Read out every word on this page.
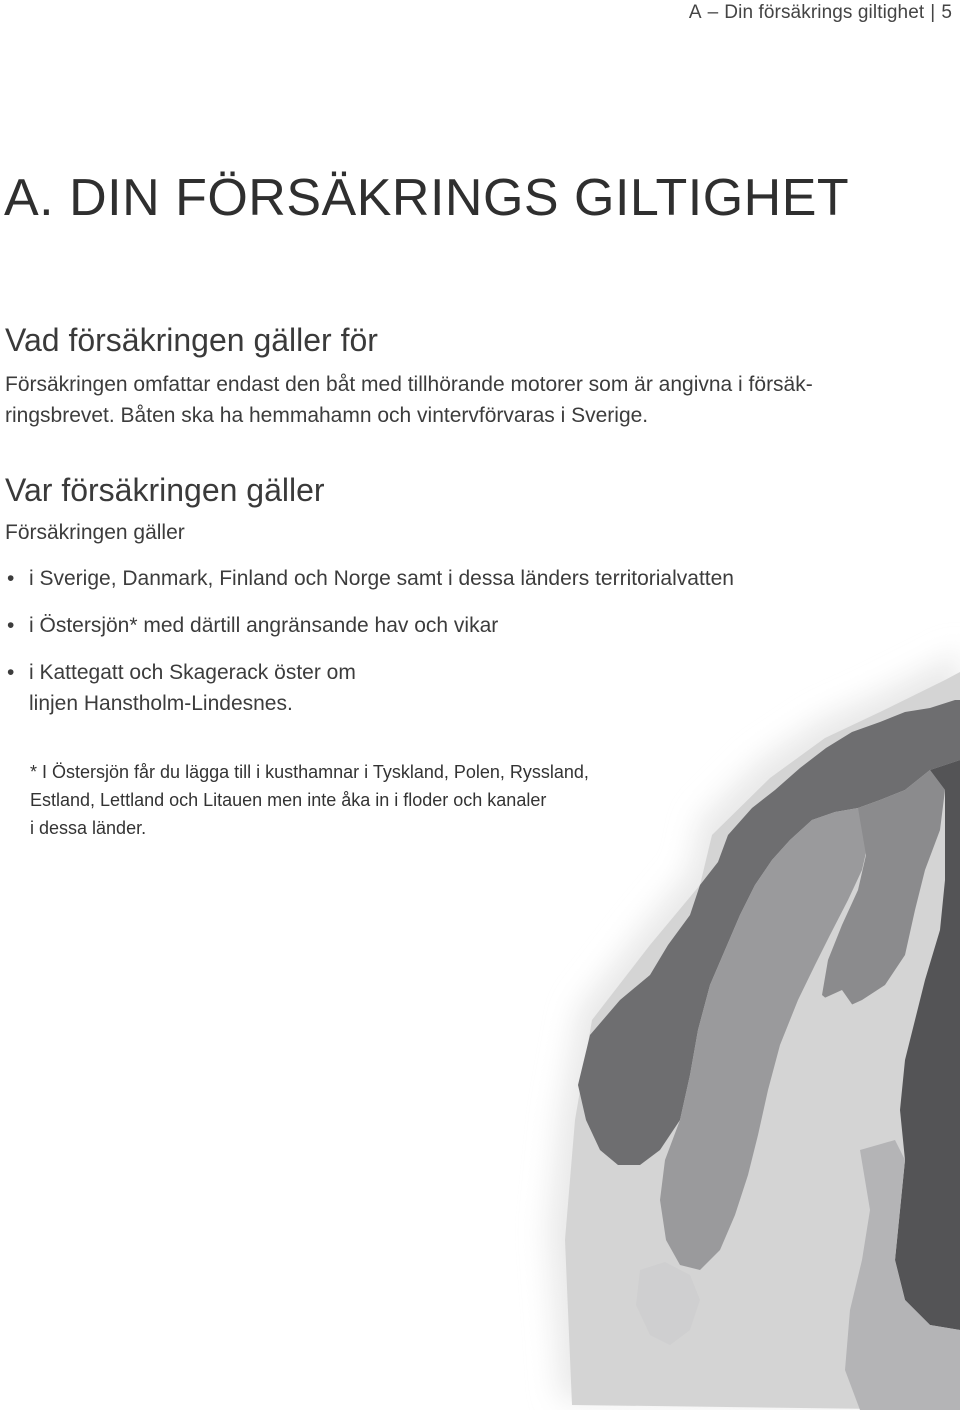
A – Din försäkrings giltighet | 5
A. DIN FÖRSÄKRINGS GILTIGHET
Vad försäkringen gäller för

Försäkringen omfattar endast den båt med tillhörande motorer som är angivna i försäk-

ringsbrevet. Båten ska ha hemmahamn och vintervförvaras i Sverige.

Var försäkringen gäller

Försäkringen gäller

• i Sverige, Danmark, Finland och Norge samt i dessa länders territorialvatten
• i Östersjön* med därtill angränsande hav och vikar
• i Kattegatt och Skagerack öster om
linjen Hanstholm-Lindesnes.

* I Östersjön får du lägga till i kusthamnar i Tyskland, Polen, Ryssland,
Estland, Lettland och Litauen men inte åka in i floder och kanaler
i dessa länder.
